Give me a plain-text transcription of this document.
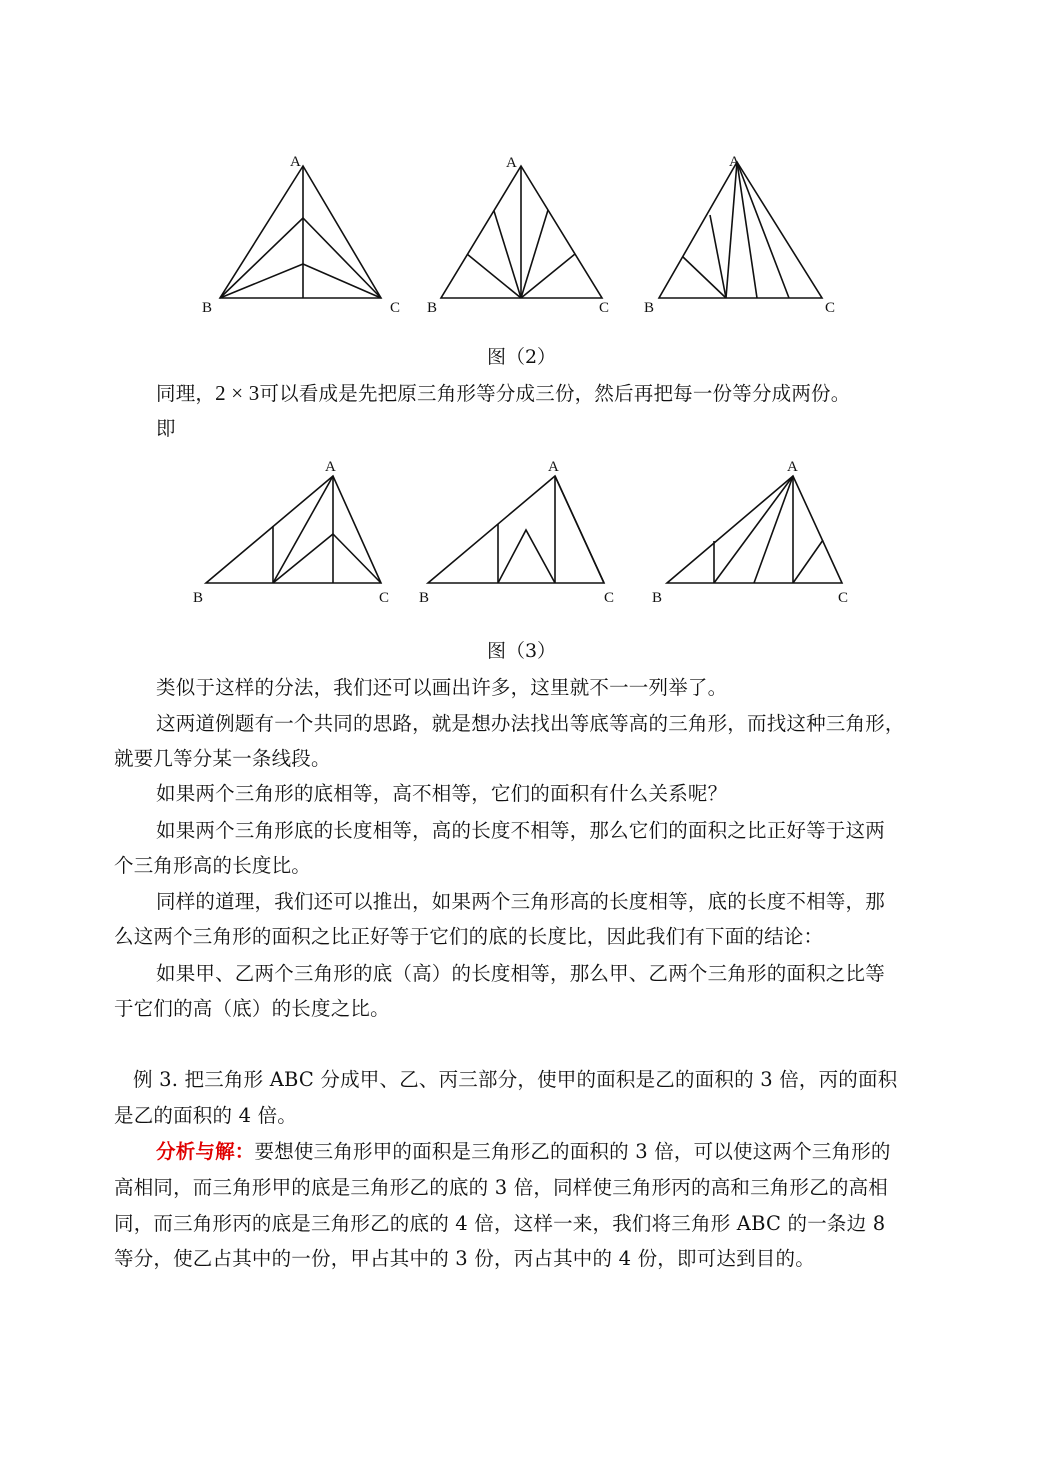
A
B	C
A
B	C
A
B	C
图（2）
同理，2 × 3可以看成是先把原三角形等分成三份，然后再把每一份等分成两份。
即
A
B	C
A
B	C
A
B	C
图（3）
类似于这样的分法，我们还可以画出许多，这里就不一一列举了。
这两道例题有一个共同的思路，就是想办法找出等底等高的三角形，而找这种三角形，
就要几等分某一条线段。
如果两个三角形的底相等，高不相等，它们的面积有什么关系呢？
如果两个三角形底的长度相等，高的长度不相等，那么它们的面积之比正好等于这两
个三角形高的长度比。
同样的道理，我们还可以推出，如果两个三角形高的长度相等，底的长度不相等，那
么这两个三角形的面积之比正好等于它们的底的长度比，因此我们有下面的结论：
如果甲、乙两个三角形的底（高）的长度相等，那么甲、乙两个三角形的面积之比等
于它们的高（底）的长度之比。
例 3. 把三角形 ABC 分成甲、乙、丙三部分，使甲的面积是乙的面积的 3 倍，丙的面积
是乙的面积的 4 倍。
分析与解：要想使三角形甲的面积是三角形乙的面积的 3 倍，可以使这两个三角形的
高相同，而三角形甲的底是三角形乙的底的 3 倍，同样使三角形丙的高和三角形乙的高相
同，而三角形丙的底是三角形乙的底的 4 倍，这样一来，我们将三角形 ABC 的一条边 8
等分，使乙占其中的一份，甲占其中的 3 份，丙占其中的 4 份，即可达到目的。
